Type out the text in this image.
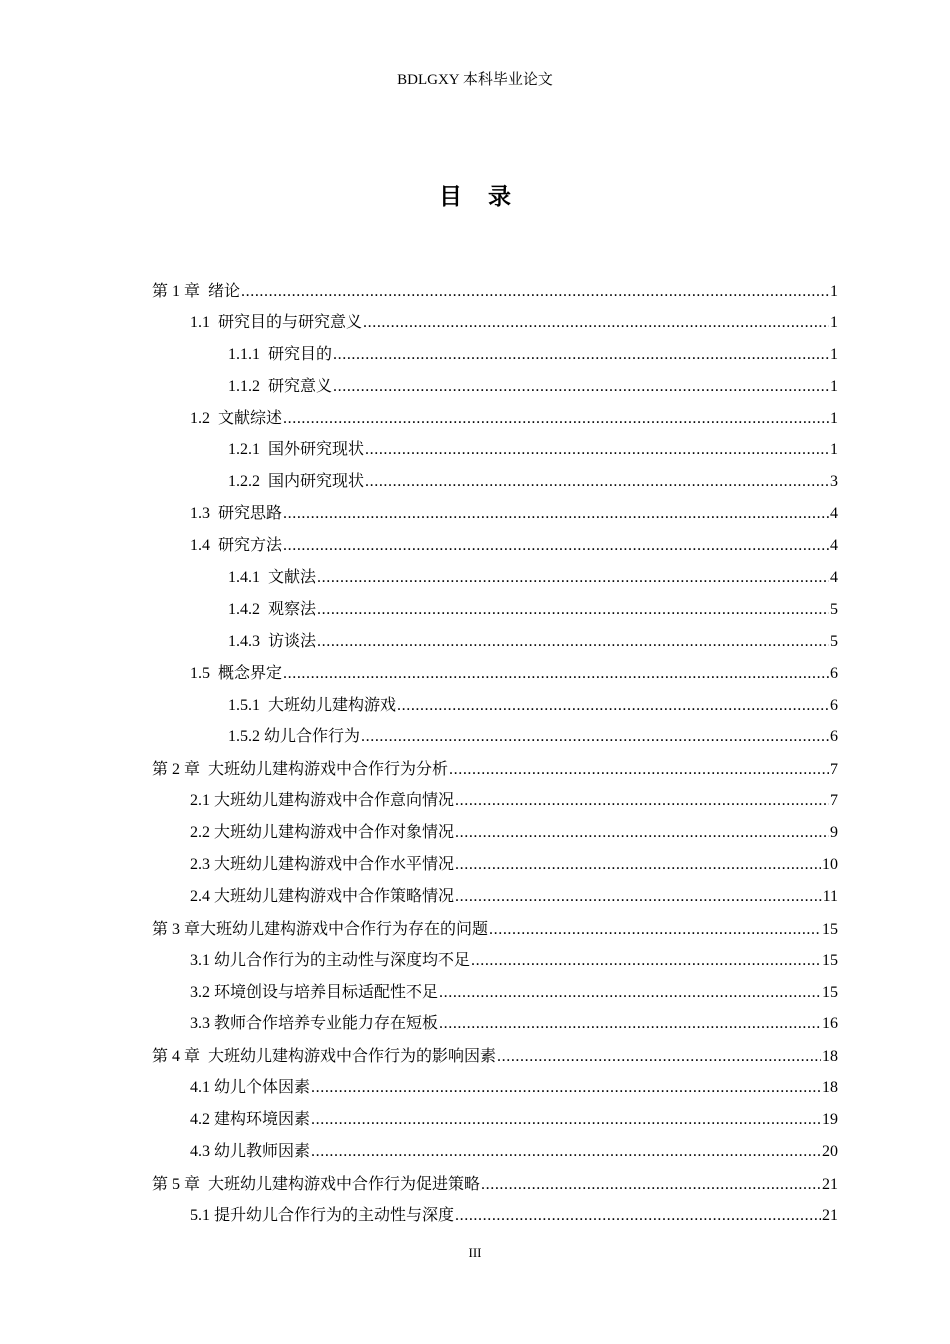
BDLGXY 本科毕业论文
目录
第 1 章 绪论 .....	1
1.1 研究目的与研究意义 .....	1
1.1.1 研究目的 .....	1
1.1.2 研究意义 .....	1
1.2 文献综述 .....	1
1.2.1 国外研究现状 .....	1
1.2.2 国内研究现状 .....	3
1.3 研究思路 .....	4
1.4 研究方法 .....	4
1.4.1 文献法 .....	4
1.4.2 观察法 .....	5
1.4.3 访谈法 .....	5
1.5 概念界定 .....	6
1.5.1 大班幼儿建构游戏 .....	6
1.5.2 幼儿合作行为 .....	6
第 2 章 大班幼儿建构游戏中合作行为分析 .....	7
2.1 大班幼儿建构游戏中合作意向情况 .....	7
2.2 大班幼儿建构游戏中合作对象情况 .....	9
2.3 大班幼儿建构游戏中合作水平情况 .....	10
2.4 大班幼儿建构游戏中合作策略情况 .....	11
第 3 章 大班幼儿建构游戏中合作行为存在的问题 .....	15
3.1 幼儿合作行为的主动性与深度均不足 .....	15
3.2 环境创设与培养目标适配性不足 .....	15
3.3 教师合作培养专业能力存在短板 .....	16
第 4 章 大班幼儿建构游戏中合作行为的影响因素 .....	18
4.1 幼儿个体因素 .....	18
4.2 建构环境因素 .....	19
4.3 幼儿教师因素 .....	20
第 5 章 大班幼儿建构游戏中合作行为促进策略 .....	21
5.1 提升幼儿合作行为的主动性与深度 .....	21
III
